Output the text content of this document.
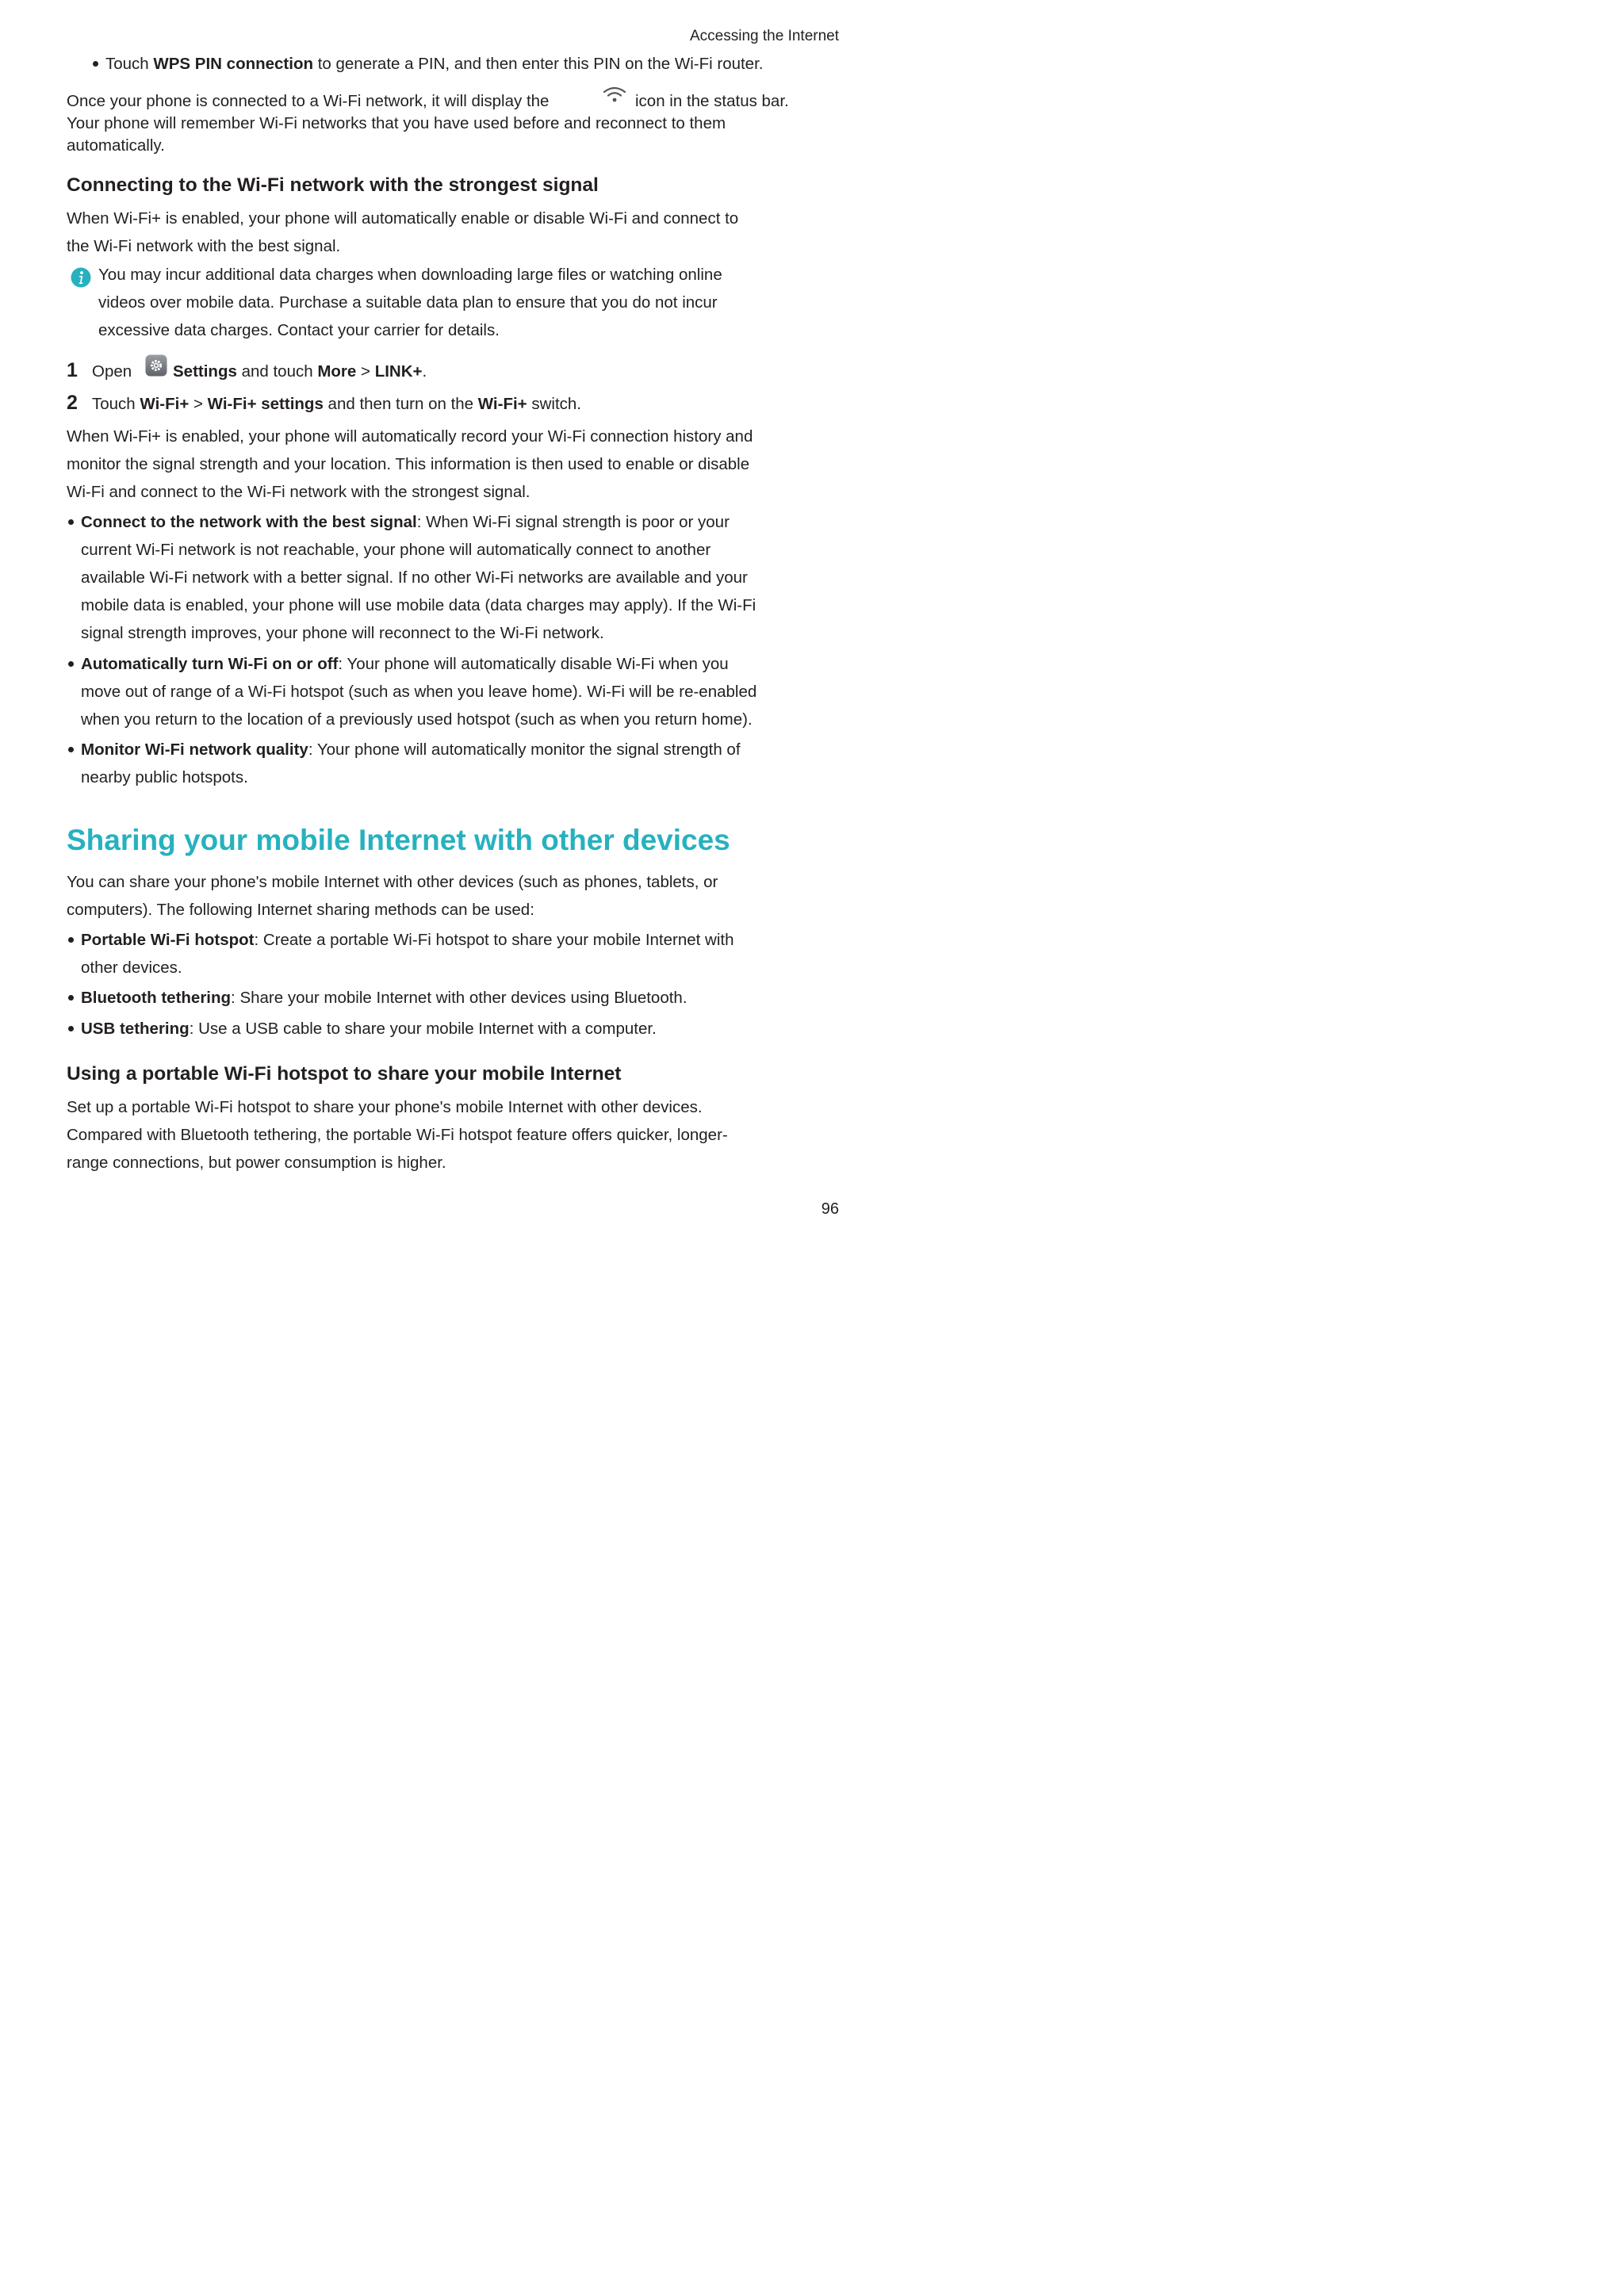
Accessing the Internet
Touch WPS PIN connection to generate a PIN, and then enter this PIN on the Wi-Fi router.
Once your phone is connected to a Wi-Fi network, it will display the	icon in the status bar.
Your phone will remember Wi-Fi networks that you have used before and reconnect to them
automatically.
Connecting to the Wi-Fi network with the strongest signal
When Wi-Fi+ is enabled, your phone will automatically enable or disable Wi-Fi and connect to
the Wi-Fi network with the best signal.
You may incur additional data charges when downloading large files or watching online
videos over mobile data. Purchase a suitable data plan to ensure that you do not incur
excessive data charges. Contact your carrier for details.
1 Open	Settings and touch More > LINK+.
2 Touch Wi-Fi+ > Wi-Fi+ settings and then turn on the Wi-Fi+ switch.
When Wi-Fi+ is enabled, your phone will automatically record your Wi-Fi connection history and
monitor the signal strength and your location. This information is then used to enable or disable
Wi-Fi and connect to the Wi-Fi network with the strongest signal.
Connect to the network with the best signal: When Wi-Fi signal strength is poor or your
current Wi-Fi network is not reachable, your phone will automatically connect to another
available Wi-Fi network with a better signal. If no other Wi-Fi networks are available and your
mobile data is enabled, your phone will use mobile data (data charges may apply). If the Wi-Fi
signal strength improves, your phone will reconnect to the Wi-Fi network.
Automatically turn Wi-Fi on or off: Your phone will automatically disable Wi-Fi when you
move out of range of a Wi-Fi hotspot (such as when you leave home). Wi-Fi will be re-enabled
when you return to the location of a previously used hotspot (such as when you return home).
Monitor Wi-Fi network quality: Your phone will automatically monitor the signal strength of
nearby public hotspots.
Sharing your mobile Internet with other devices
You can share your phone's mobile Internet with other devices (such as phones, tablets, or
computers). The following Internet sharing methods can be used:
Portable Wi-Fi hotspot: Create a portable Wi-Fi hotspot to share your mobile Internet with
other devices.
Bluetooth tethering: Share your mobile Internet with other devices using Bluetooth.
USB tethering: Use a USB cable to share your mobile Internet with a computer.
Using a portable Wi-Fi hotspot to share your mobile Internet
Set up a portable Wi-Fi hotspot to share your phone's mobile Internet with other devices.
Compared with Bluetooth tethering, the portable Wi-Fi hotspot feature offers quicker, longer-
range connections, but power consumption is higher.
96
